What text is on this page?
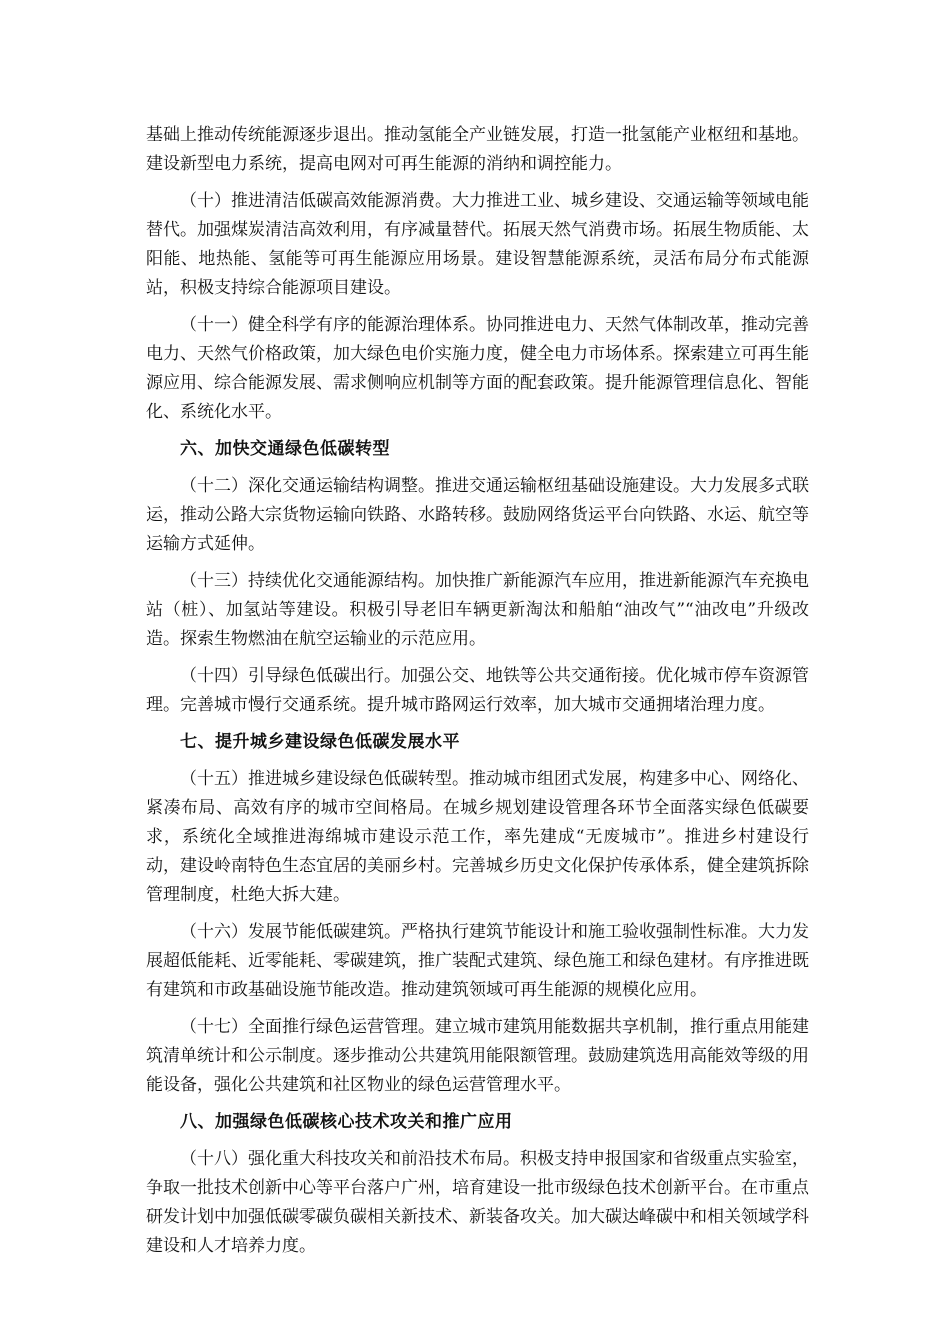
基础上推动传统能源逐步退出。推动氢能全产业链发展，打造一批氢能产业枢纽和基地。建设新型电力系统，提高电网对可再生能源的消纳和调控能力。

（十）推进清洁低碳高效能源消费。大力推进工业、城乡建设、交通运输等领域电能替代。加强煤炭清洁高效利用，有序减量替代。拓展天然气消费市场。拓展生物质能、太阳能、地热能、氢能等可再生能源应用场景。建设智慧能源系统，灵活布局分布式能源站，积极支持综合能源项目建设。

（十一）健全科学有序的能源治理体系。协同推进电力、天然气体制改革，推动完善电力、天然气价格政策，加大绿色电价实施力度，健全电力市场体系。探索建立可再生能源应用、综合能源发展、需求侧响应机制等方面的配套政策。提升能源管理信息化、智能化、系统化水平。

六、加快交通绿色低碳转型

（十二）深化交通运输结构调整。推进交通运输枢纽基础设施建设。大力发展多式联运，推动公路大宗货物运输向铁路、水路转移。鼓励网络货运平台向铁路、水运、航空等运输方式延伸。

（十三）持续优化交通能源结构。加快推广新能源汽车应用，推进新能源汽车充换电站（桩）、加氢站等建设。积极引导老旧车辆更新淘汰和船舶“油改气”“油改电”升级改造。探索生物燃油在航空运输业的示范应用。

（十四）引导绿色低碳出行。加强公交、地铁等公共交通衔接。优化城市停车资源管理。完善城市慢行交通系统。提升城市路网运行效率，加大城市交通拥堵治理力度。

七、提升城乡建设绿色低碳发展水平

（十五）推进城乡建设绿色低碳转型。推动城市组团式发展，构建多中心、网络化、紧凑布局、高效有序的城市空间格局。在城乡规划建设管理各环节全面落实绿色低碳要求，系统化全域推进海绵城市建设示范工作，率先建成“无废城市”。推进乡村建设行动，建设岭南特色生态宜居的美丽乡村。完善城乡历史文化保护传承体系，健全建筑拆除管理制度，杜绝大拆大建。

（十六）发展节能低碳建筑。严格执行建筑节能设计和施工验收强制性标准。大力发展超低能耗、近零能耗、零碳建筑，推广装配式建筑、绿色施工和绿色建材。有序推进既有建筑和市政基础设施节能改造。推动建筑领域可再生能源的规模化应用。

（十七）全面推行绿色运营管理。建立城市建筑用能数据共享机制，推行重点用能建筑清单统计和公示制度。逐步推动公共建筑用能限额管理。鼓励建筑选用高能效等级的用能设备，强化公共建筑和社区物业的绿色运营管理水平。

八、加强绿色低碳核心技术攻关和推广应用

（十八）强化重大科技攻关和前沿技术布局。积极支持申报国家和省级重点实验室，争取一批技术创新中心等平台落户广州，培育建设一批市级绿色技术创新平台。在市重点研发计划中加强低碳零碳负碳相关新技术、新装备攻关。加大碳达峰碳中和相关领域学科建设和人才培养力度。
